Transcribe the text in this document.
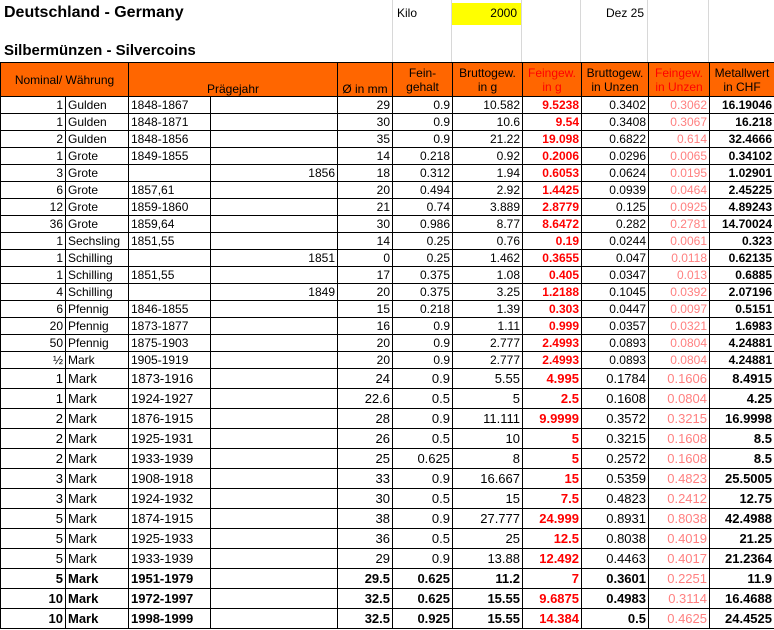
Deutschland - Germany	Kilo	2000	Dez 25
Silbermünzen - Silvercoins
Nominal/ Währung		Prägejahr		Ø in mm	Fein-gehalt	Bruttogew. in g	Feingew. in g	Bruttogew. in Unzen	Feingew. in Unzen	Metallwert in CHF
1	Gulden	1848-1867		29	0.9	10.582	9.5238	0.3402	0.3062	16.19046
1	Gulden	1848-1871		30	0.9	10.6	9.54	0.3408	0.3067	16.218
2	Gulden	1848-1856		35	0.9	21.22	19.098	0.6822	0.614	32.4666
1	Grote	1849-1855		14	0.218	0.92	0.2006	0.0296	0.0065	0.34102
3	Grote		1856	18	0.312	1.94	0.6053	0.0624	0.0195	1.02901
6	Grote	1857,61		20	0.494	2.92	1.4425	0.0939	0.0464	2.45225
12	Grote	1859-1860		21	0.74	3.889	2.8779	0.125	0.0925	4.89243
36	Grote	1859,64		30	0.986	8.77	8.6472	0.282	0.2781	14.70024
1	Sechsling	1851,55		14	0.25	0.76	0.19	0.0244	0.0061	0.323
1	Schilling		1851	0	0.25	1.462	0.3655	0.047	0.0118	0.62135
1	Schilling	1851,55		17	0.375	1.08	0.405	0.0347	0.013	0.6885
4	Schilling		1849	20	0.375	3.25	1.2188	0.1045	0.0392	2.07196
6	Pfennig	1846-1855		15	0.218	1.39	0.303	0.0447	0.0097	0.5151
20	Pfennig	1873-1877		16	0.9	1.11	0.999	0.0357	0.0321	1.6983
50	Pfennig	1875-1903		20	0.9	2.777	2.4993	0.0893	0.0804	4.24881
½	Mark	1905-1919		20	0.9	2.777	2.4993	0.0893	0.0804	4.24881
1	Mark	1873-1916		24	0.9	5.55	4.995	0.1784	0.1606	8.4915
1	Mark	1924-1927		22.6	0.5	5	2.5	0.1608	0.0804	4.25
2	Mark	1876-1915		28	0.9	11.111	9.9999	0.3572	0.3215	16.9998
2	Mark	1925-1931		26	0.5	10	5	0.3215	0.1608	8.5
2	Mark	1933-1939		25	0.625	8	5	0.2572	0.1608	8.5
3	Mark	1908-1918		33	0.9	16.667	15	0.5359	0.4823	25.5005
3	Mark	1924-1932		30	0.5	15	7.5	0.4823	0.2412	12.75
5	Mark	1874-1915		38	0.9	27.777	24.999	0.8931	0.8038	42.4988
5	Mark	1925-1933		36	0.5	25	12.5	0.8038	0.4019	21.25
5	Mark	1933-1939		29	0.9	13.88	12.492	0.4463	0.4017	21.2364
5	Mark	1951-1979		29.5	0.625	11.2	7	0.3601	0.2251	11.9
10	Mark	1972-1997		32.5	0.625	15.55	9.6875	0.4983	0.3114	16.4688
10	Mark	1998-1999		32.5	0.925	15.55	14.384	0.5	0.4625	24.4525
